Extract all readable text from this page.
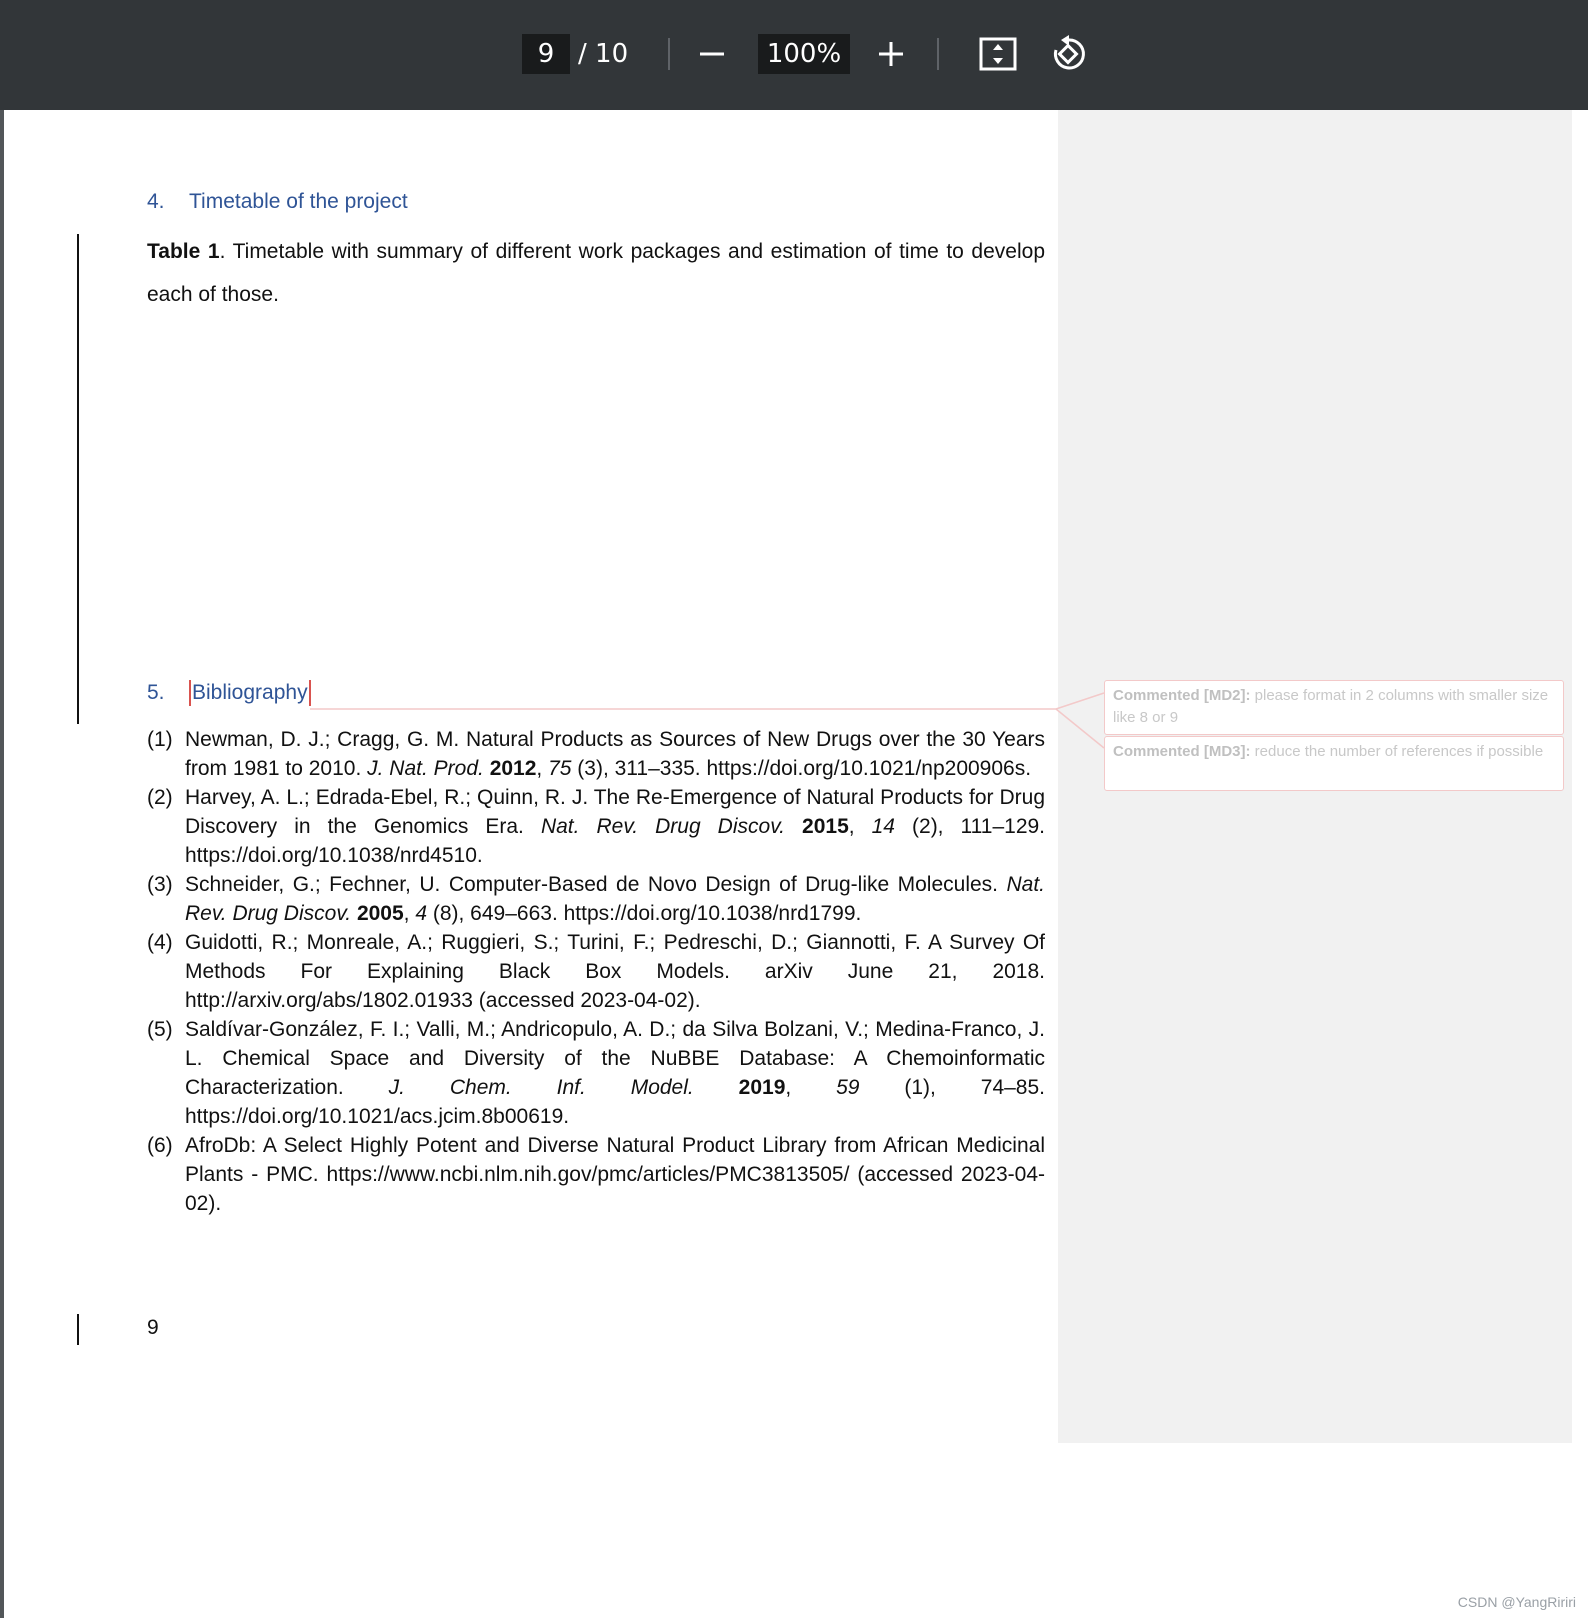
9
/ 10
100%
4. Timetable of the project
Table 1. Timetable with summary of different work packages and estimation of time to develop each of those.
5. Bibliography
(1) Newman, D. J.; Cragg, G. M. Natural Products as Sources of New Drugs over the 30 Years from 1981 to 2010. J. Nat. Prod. 2012, 75 (3), 311–335. https://doi.org/10.1021/np200906s.
(2) Harvey, A. L.; Edrada-Ebel, R.; Quinn, R. J. The Re-Emergence of Natural Products for Drug Discovery in the Genomics Era. Nat. Rev. Drug Discov. 2015, 14 (2), 111–129. https://doi.org/10.1038/nrd4510.
(3) Schneider, G.; Fechner, U. Computer-Based de Novo Design of Drug-like Molecules. Nat. Rev. Drug Discov. 2005, 4 (8), 649–663. https://doi.org/10.1038/nrd1799.
(4) Guidotti, R.; Monreale, A.; Ruggieri, S.; Turini, F.; Pedreschi, D.; Giannotti, F. A Survey Of Methods For Explaining Black Box Models. arXiv June 21, 2018. http://arxiv.org/abs/1802.01933 (accessed 2023-04-02).
(5) Saldívar-González, F. I.; Valli, M.; Andricopulo, A. D.; da Silva Bolzani, V.; Medina-Franco, J. L. Chemical Space and Diversity of the NuBBE Database: A Chemoinformatic Characterization. J. Chem. Inf. Model. 2019, 59 (1), 74–85. https://doi.org/10.1021/acs.jcim.8b00619.
(6) AfroDb: A Select Highly Potent and Diverse Natural Product Library from African Medicinal Plants - PMC. https://www.ncbi.nlm.nih.gov/pmc/articles/PMC3813505/ (accessed 2023-04-02).
9
Commented [MD2]: please format in 2 columns with smaller size like 8 or 9
Commented [MD3]: reduce the number of references if possible
CSDN @YangRiriri
